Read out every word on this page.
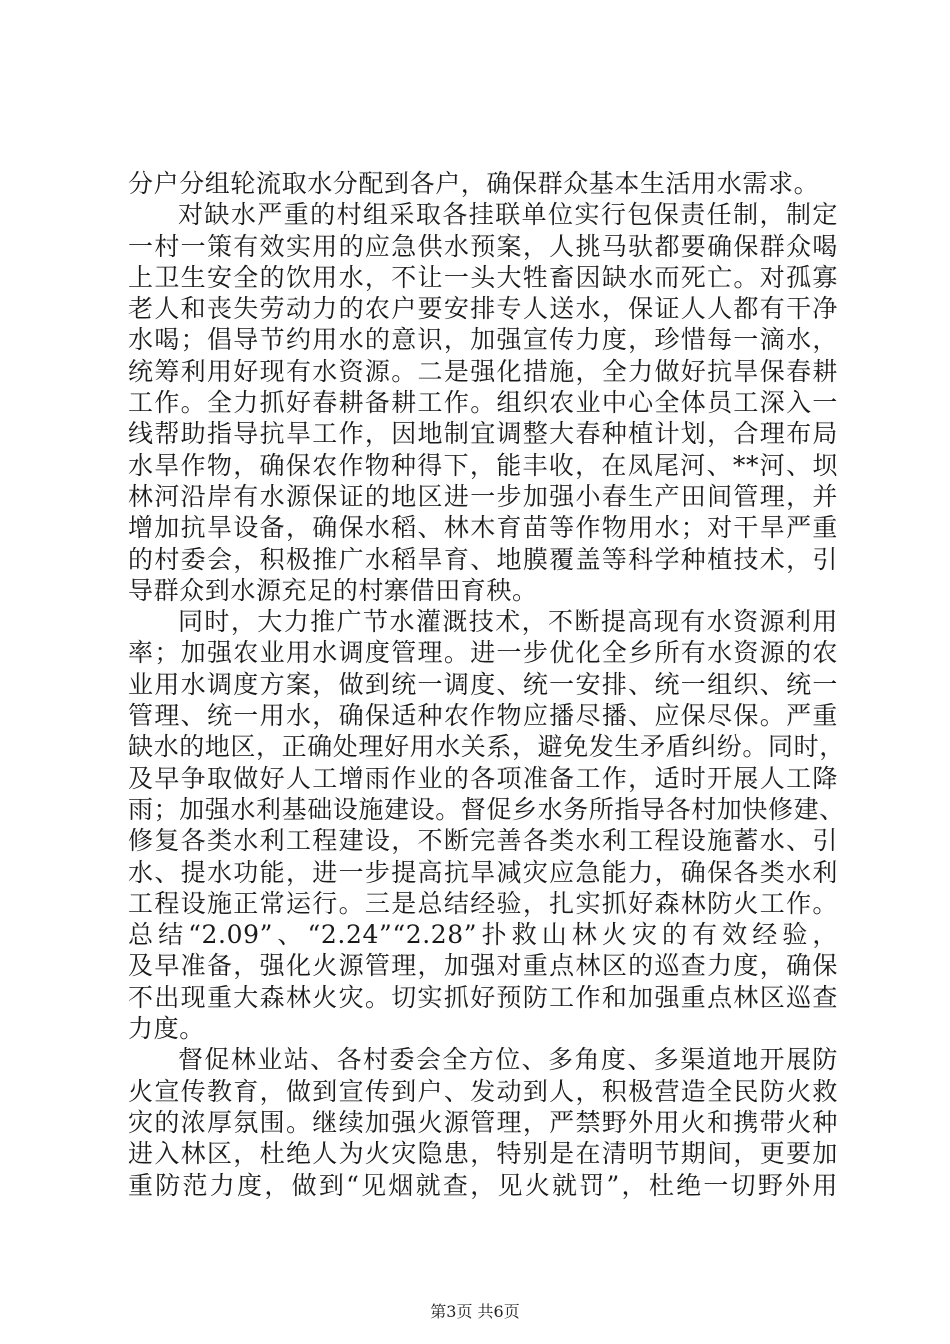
分户分组轮流取水分配到各户，确保群众基本生活用水需求。
对缺水严重的村组采取各挂联单位实行包保责任制，制定
一村一策有效实用的应急供水预案，人挑马驮都要确保群众喝
上卫生安全的饮用水，不让一头大牲畜因缺水而死亡。对孤寡
老人和丧失劳动力的农户要安排专人送水，保证人人都有干净
水喝；倡导节约用水的意识，加强宣传力度，珍惜每一滴水，
统筹利用好现有水资源。二是强化措施，全力做好抗旱保春耕
工作。全力抓好春耕备耕工作。组织农业中心全体员工深入一
线帮助指导抗旱工作，因地制宜调整大春种植计划，合理布局
水旱作物，确保农作物种得下，能丰收，在凤尾河、**河、坝
林河沿岸有水源保证的地区进一步加强小春生产田间管理，并
增加抗旱设备，确保水稻、林木育苗等作物用水；对干旱严重
的村委会，积极推广水稻旱育、地膜覆盖等科学种植技术，引
导群众到水源充足的村寨借田育秧。
同时，大力推广节水灌溉技术，不断提高现有水资源利用
率；加强农业用水调度管理。进一步优化全乡所有水资源的农
业用水调度方案，做到统一调度、统一安排、统一组织、统一
管理、统一用水，确保适种农作物应播尽播、应保尽保。严重
缺水的地区，正确处理好用水关系，避免发生矛盾纠纷。同时，
及早争取做好人工增雨作业的各项准备工作，适时开展人工降
雨；加强水利基础设施建设。督促乡水务所指导各村加快修建、
修复各类水利工程建设，不断完善各类水利工程设施蓄水、引
水、提水功能，进一步提高抗旱减灾应急能力，确保各类水利
工程设施正常运行。三是总结经验，扎实抓好森林防火工作。
总结“2.09”、“2.24”“2.28”扑救山林火灾的有效经验，
及早准备，强化火源管理，加强对重点林区的巡查力度，确保
不出现重大森林火灾。切实抓好预防工作和加强重点林区巡查
力度。
督促林业站、各村委会全方位、多角度、多渠道地开展防
火宣传教育，做到宣传到户、发动到人，积极营造全民防火救
灾的浓厚氛围。继续加强火源管理，严禁野外用火和携带火种
进入林区，杜绝人为火灾隐患，特别是在清明节期间，更要加
重防范力度，做到“见烟就查，见火就罚”，杜绝一切野外用
第3页 共6页
